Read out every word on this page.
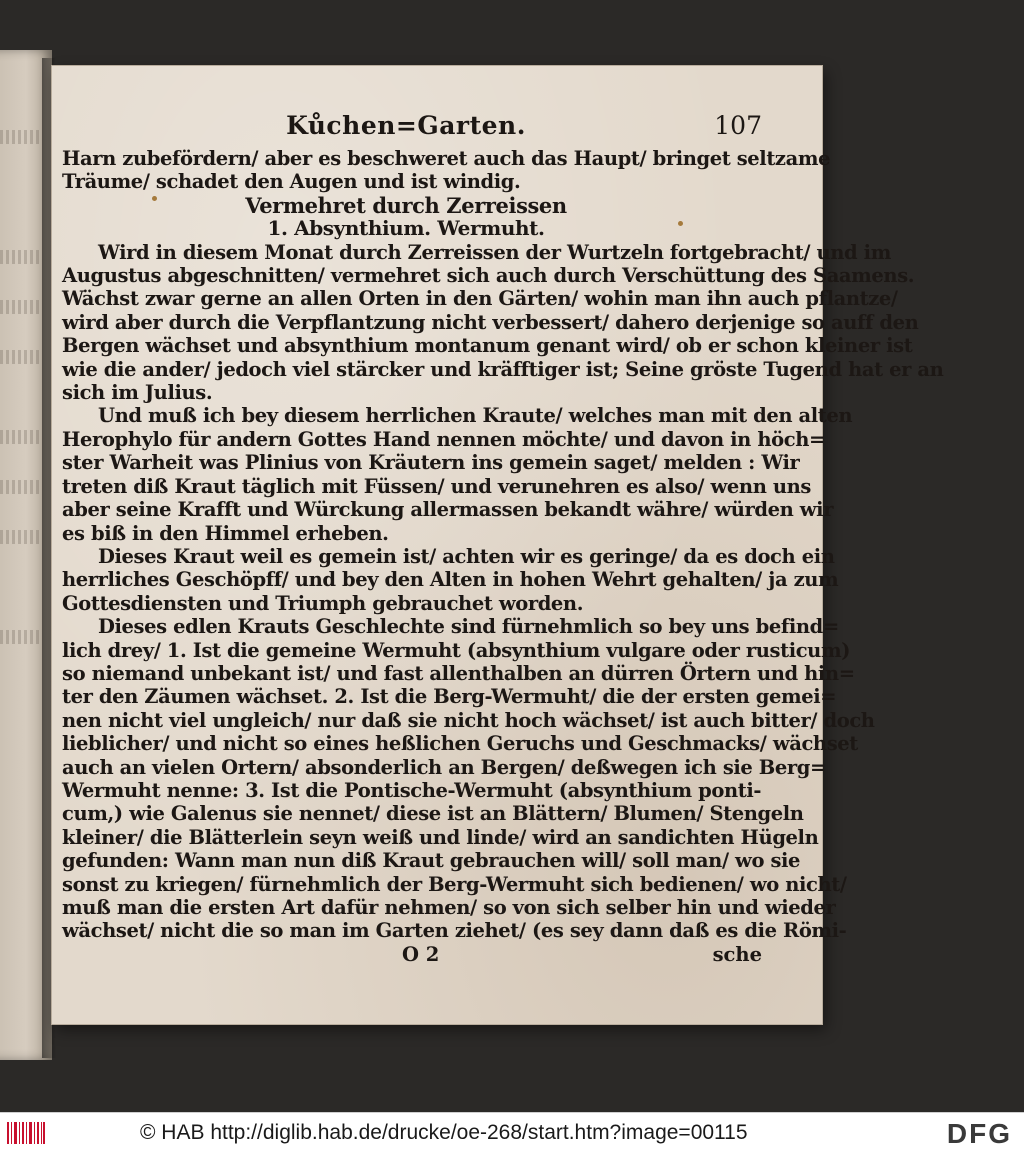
Kůchen=Garten.	107
Harn zubefördern/ aber es beschweret auch das Haupt/ bringet seltzame
Träume/ schadet den Augen und ist windig.
Vermehret durch Zerreissen
1. Absynthium. Wermuht.
Wird in diesem Monat durch Zerreissen der Wurtzeln fortgebracht/ und im
Augustus abgeschnitten/ vermehret sich auch durch Verschüttung des Saamens.
Wächst zwar gerne an allen Orten in den Gärten/ wohin man ihn auch pflantze/
wird aber durch die Verpflantzung nicht verbessert/ dahero derjenige so auff den
Bergen wächset und absynthium montanum genant wird/ ob er schon kleiner ist
wie die ander/ jedoch viel stärcker und kräfftiger ist; Seine gröste Tugend hat er an
sich im Julius.
Und muß ich bey diesem herrlichen Kraute/ welches man mit den alten
Herophylo für andern Gottes Hand nennen möchte/ und davon in höch=
ster Warheit was Plinius von Kräutern ins gemein saget/ melden : Wir
treten diß Kraut täglich mit Füssen/ und verunehren es also/ wenn uns
aber seine Krafft und Würckung allermassen bekandt währe/ würden wir
es biß in den Himmel erheben.
Dieses Kraut weil es gemein ist/ achten wir es geringe/ da es doch ein
herrliches Geschöpff/ und bey den Alten in hohen Wehrt gehalten/ ja zum
Gottesdiensten und Triumph gebrauchet worden.
Dieses edlen Krauts Geschlechte sind fürnehmlich so bey uns befind=
lich drey/ 1. Ist die gemeine Wermuht (absynthium vulgare oder rusticum)
so niemand unbekant ist/ und fast allenthalben an dürren Örtern und hin=
ter den Zäumen wächset. 2. Ist die Berg-Wermuht/ die der ersten gemei=
nen nicht viel ungleich/ nur daß sie nicht hoch wächset/ ist auch bitter/ doch
lieblicher/ und nicht so eines heßlichen Geruchs und Geschmacks/ wächset
auch an vielen Ortern/ absonderlich an Bergen/ deßwegen ich sie Berg=
Wermuht nenne: 3. Ist die Pontische-Wermuht (absynthium ponti-
cum,) wie Galenus sie nennet/ diese ist an Blättern/ Blumen/ Stengeln
kleiner/ die Blätterlein seyn weiß und linde/ wird an sandichten Hügeln
gefunden: Wann man nun diß Kraut gebrauchen will/ soll man/ wo sie
sonst zu kriegen/ fürnehmlich der Berg-Wermuht sich bedienen/ wo nicht/
muß man die ersten Art dafür nehmen/ so von sich selber hin und wieder
wächset/ nicht die so man im Garten ziehet/ (es sey dann daß es die Römi-
O 2	sche
© HAB http://diglib.hab.de/drucke/oe-268/start.htm?image=00115	DFG
